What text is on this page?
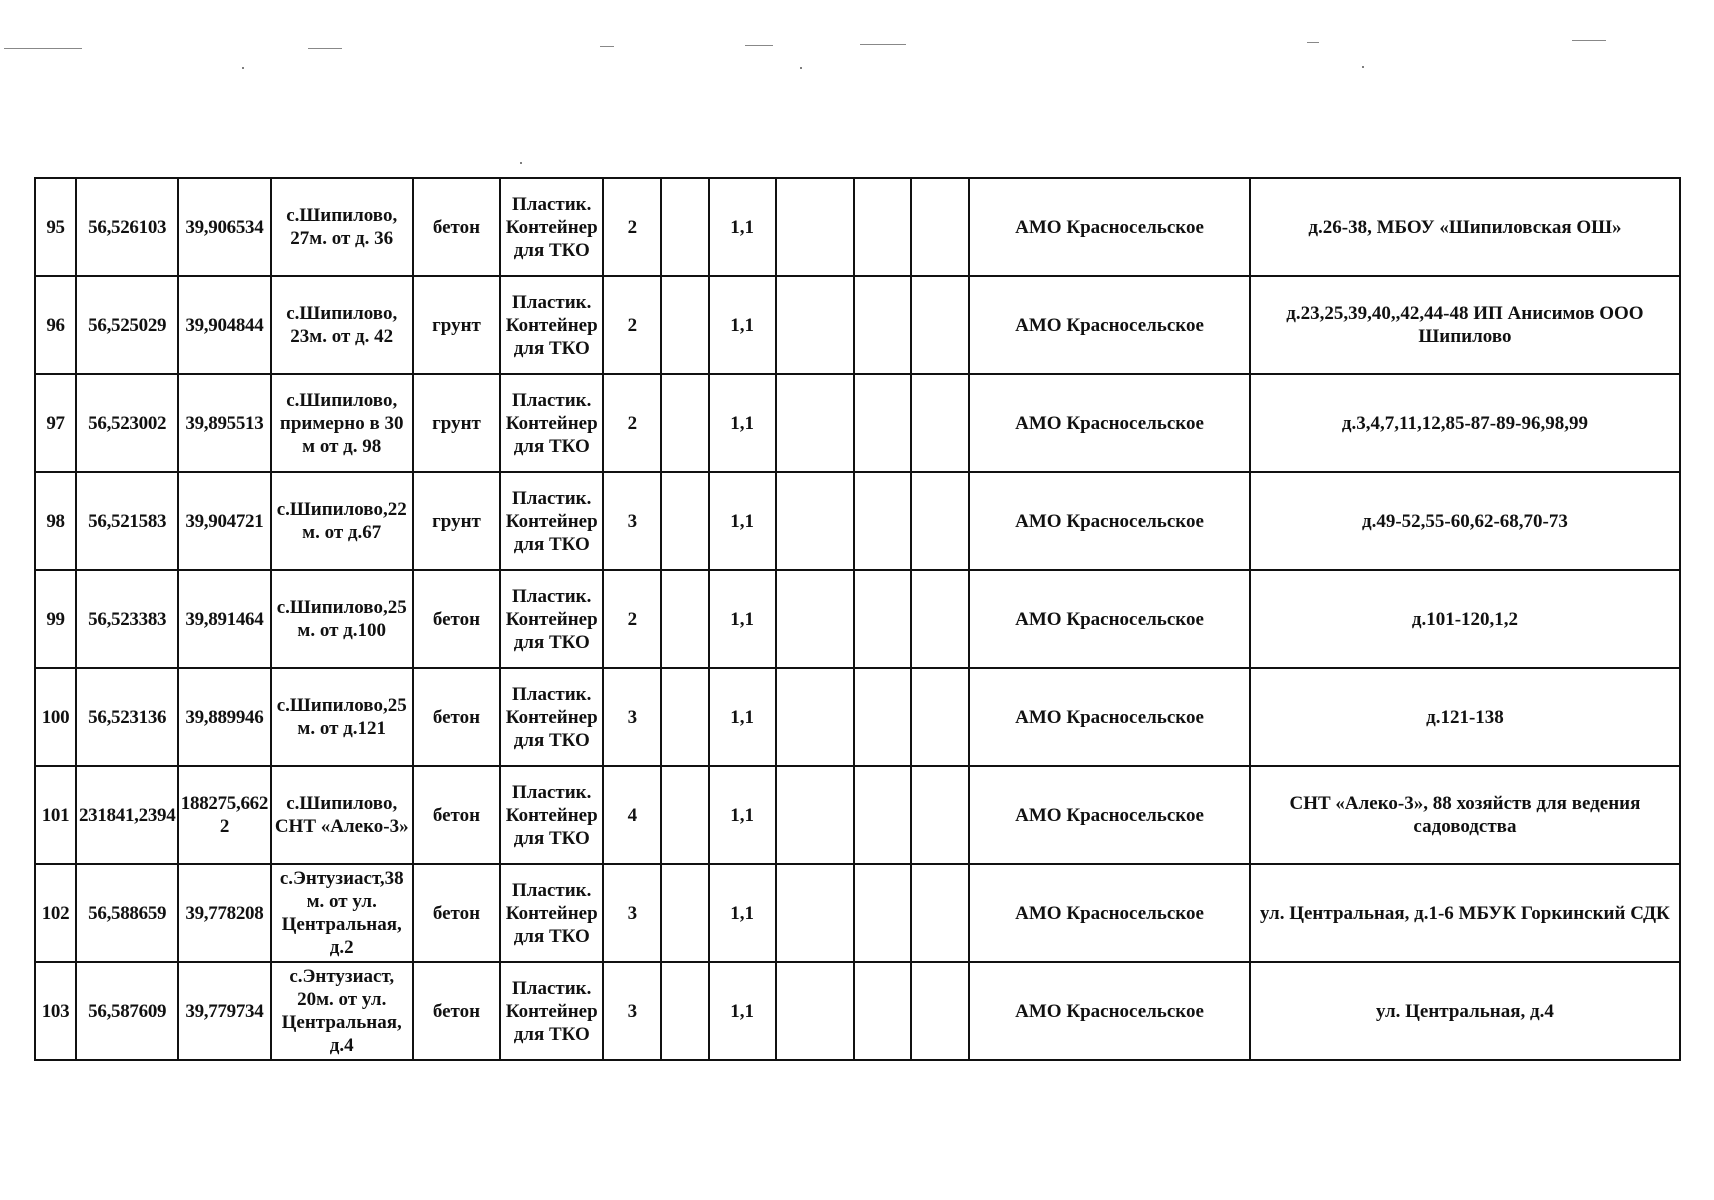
95	56,526103	39,906534	с.Шипилово, 27м. от д. 36	бетон	Пластик. Контейнер для ТКО	2		1,1				АМО Красносельское	д.26-38, МБОУ «Шипиловская ОШ»
96	56,525029	39,904844	с.Шипилово, 23м. от д. 42	грунт	Пластик. Контейнер для ТКО	2		1,1				АМО Красносельское	д.23,25,39,40,,42,44-48 ИП Анисимов ООО Шипилово
97	56,523002	39,895513	с.Шипилово, примерно в 30 м от д. 98	грунт	Пластик. Контейнер для ТКО	2		1,1				АМО Красносельское	д.3,4,7,11,12,85-87-89-96,98,99
98	56,521583	39,904721	с.Шипилово,22 м. от д.67	грунт	Пластик. Контейнер для ТКО	3		1,1				АМО Красносельское	д.49-52,55-60,62-68,70-73
99	56,523383	39,891464	с.Шипилово,25 м. от д.100	бетон	Пластик. Контейнер для ТКО	2		1,1				АМО Красносельское	д.101-120,1,2
100	56,523136	39,889946	с.Шипилово,25 м. от д.121	бетон	Пластик. Контейнер для ТКО	3		1,1				АМО Красносельское	д.121-138
101	231841,2394	188275,6622	с.Шипилово, СНТ «Алеко-3»	бетон	Пластик. Контейнер для ТКО	4		1,1				АМО Красносельское	СНТ «Алеко-3», 88 хозяйств для ведения садоводства
102	56,588659	39,778208	с.Энтузиаст,38 м. от ул. Центральная, д.2	бетон	Пластик. Контейнер для ТКО	3		1,1				АМО Красносельское	ул. Центральная, д.1-6 МБУК Горкинский СДК
103	56,587609	39,779734	с.Энтузиаст, 20м. от ул. Центральная, д.4	бетон	Пластик. Контейнер для ТКО	3		1,1				АМО Красносельское	ул. Центральная, д.4
